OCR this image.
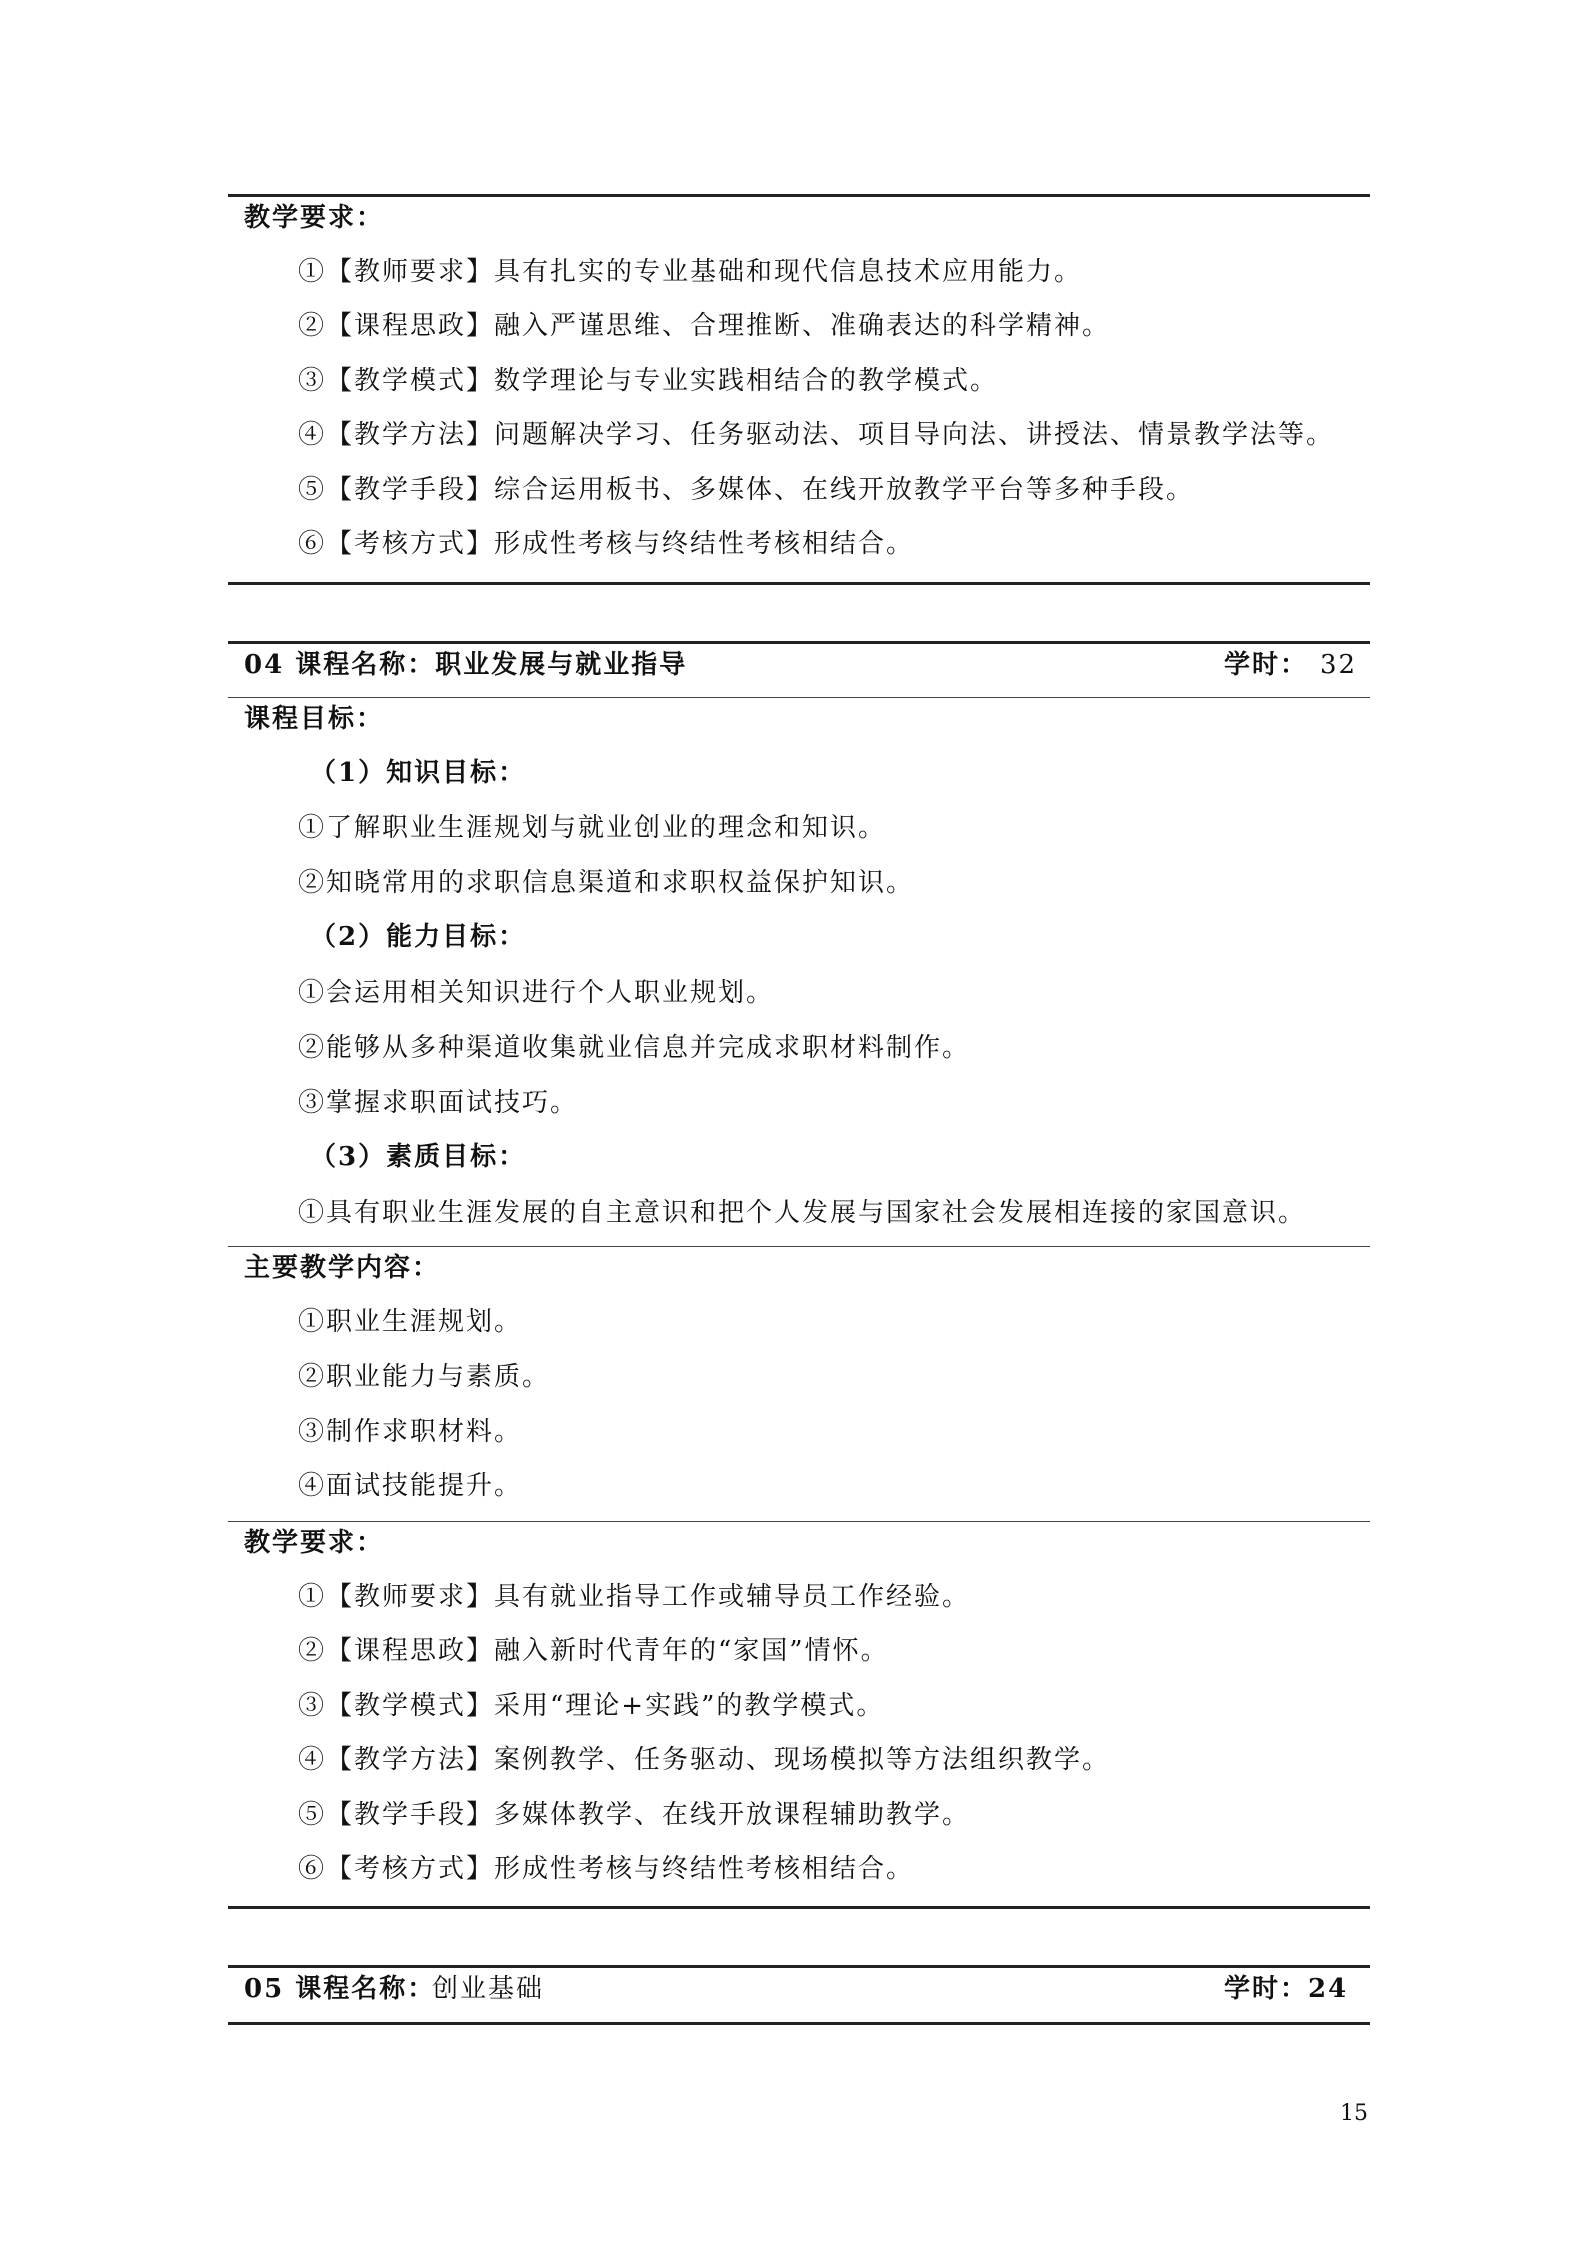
教学要求：
①【教师要求】具有扎实的专业基础和现代信息技术应用能力。
②【课程思政】融入严谨思维、合理推断、准确表达的科学精神。
③【教学模式】数学理论与专业实践相结合的教学模式。
④【教学方法】问题解决学习、任务驱动法、项目导向法、讲授法、情景教学法等。
⑤【教学手段】综合运用板书、多媒体、在线开放教学平台等多种手段。
⑥【考核方式】形成性考核与终结性考核相结合。
04 课程名称：职业发展与就业指导	学时： 32
课程目标：
（1）知识目标：
①了解职业生涯规划与就业创业的理念和知识。
②知晓常用的求职信息渠道和求职权益保护知识。
（2）能力目标：
①会运用相关知识进行个人职业规划。
②能够从多种渠道收集就业信息并完成求职材料制作。
③掌握求职面试技巧。
（3）素质目标：
①具有职业生涯发展的自主意识和把个人发展与国家社会发展相连接的家国意识。
主要教学内容：
①职业生涯规划。
②职业能力与素质。
③制作求职材料。
④面试技能提升。
教学要求：
①【教师要求】具有就业指导工作或辅导员工作经验。
②【课程思政】融入新时代青年的“家国”情怀。
③【教学模式】采用“理论+实践”的教学模式。
④【教学方法】案例教学、任务驱动、现场模拟等方法组织教学。
⑤【教学手段】多媒体教学、在线开放课程辅助教学。
⑥【考核方式】形成性考核与终结性考核相结合。
05 课程名称：
创业基础	学时：24
15
